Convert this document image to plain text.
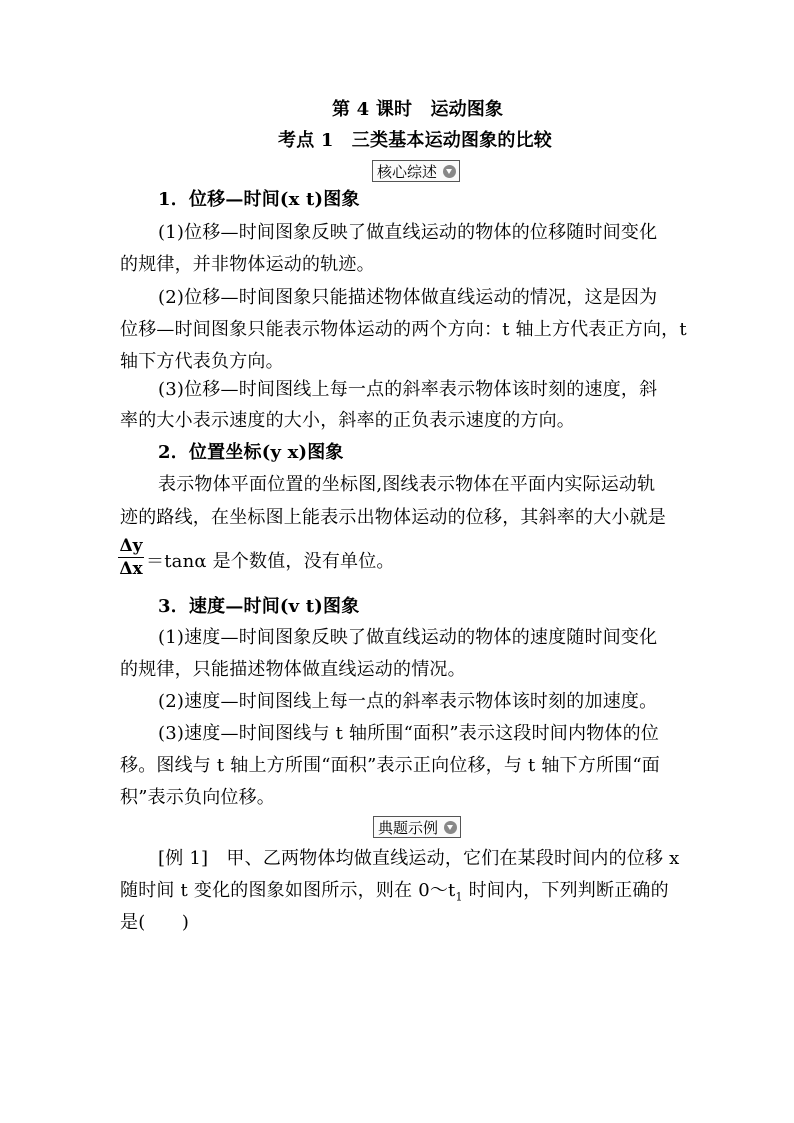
第 4 课时　运动图象
考点 1　三类基本运动图象的比较
核心综述
1．位移—时间(x t)图象
(1)位移—时间图象反映了做直线运动的物体的位移随时间变化
的规律，并非物体运动的轨迹。
(2)位移—时间图象只能描述物体做直线运动的情况，这是因为
位移—时间图象只能表示物体运动的两个方向：t 轴上方代表正方向，t
轴下方代表负方向。
(3)位移—时间图线上每一点的斜率表示物体该时刻的速度，斜
率的大小表示速度的大小，斜率的正负表示速度的方向。
2．位置坐标(y x)图象
表示物体平面位置的坐标图,图线表示物体在平面内实际运动轨
迹的路线，在坐标图上能表示出物体运动的位移，其斜率的大小就是
Δy
Δx ＝tanα 是个数值，没有单位。
3．速度—时间(v t)图象
(1)速度—时间图象反映了做直线运动的物体的速度随时间变化
的规律，只能描述物体做直线运动的情况。
(2)速度—时间图线上每一点的斜率表示物体该时刻的加速度。
(3)速度—时间图线与 t 轴所围“面积”表示这段时间内物体的位
移。图线与 t 轴上方所围“面积”表示正向位移，与 t 轴下方所围“面
积”表示负向位移。
典题示例
[例 1]　甲、乙两物体均做直线运动，它们在某段时间内的位移 x
随时间 t 变化的图象如图所示，则在 $0\sim t_1$ 时间内，下列判断正确的
是(　　)
